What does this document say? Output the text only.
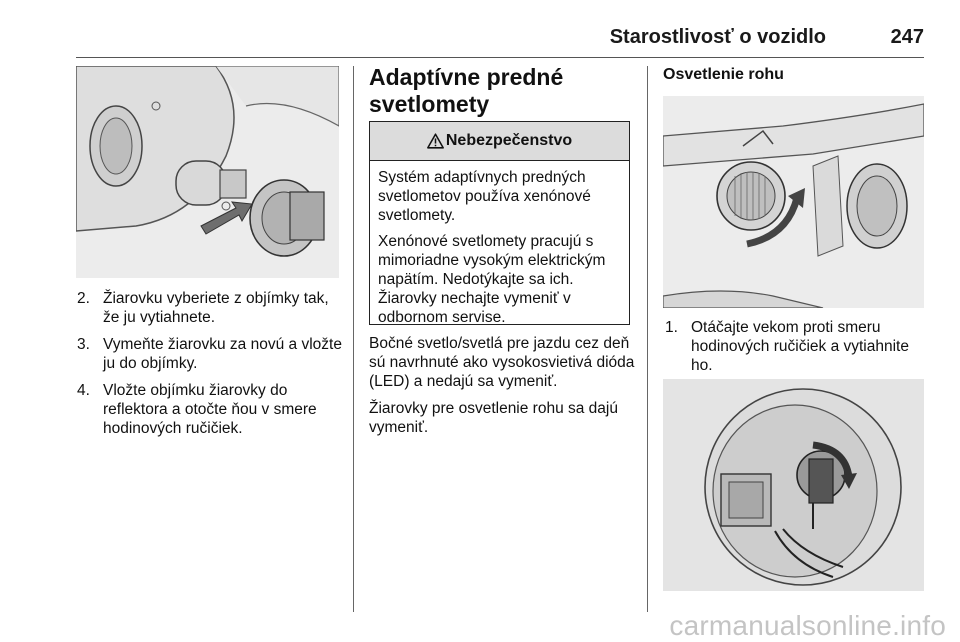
Starostlivosť o vozidlo	247
2. Žiarovku vyberiete z objímky tak, že ju vytiahnete.
3. Vymeňte žiarovku za novú a vložte ju do objímky.
4. Vložte objímku žiarovky do reflektora a otočte ňou v smere hodinových ručičiek.
Adaptívne predné svetlomety
Nebezpečenstvo

Systém adaptívnych predných svetlometov používa xenónové svetlomety.

Xenónové svetlomety pracujú s mimoriadne vysokým elektrickým napätím. Nedotýkajte sa ich. Žiarovky nechajte vymeniť v odbornom servise.

Bočné svetlo/svetlá pre jazdu cez deň sú navrhnuté ako vysokosvietivá dióda (LED) a nedajú sa vymeniť.

Žiarovky pre osvetlenie rohu sa dajú vymeniť.

Osvetlenie rohu
1. Otáčajte vekom proti smeru hodinových ručičiek a vytiahnite ho.
carmanualsonline.info
